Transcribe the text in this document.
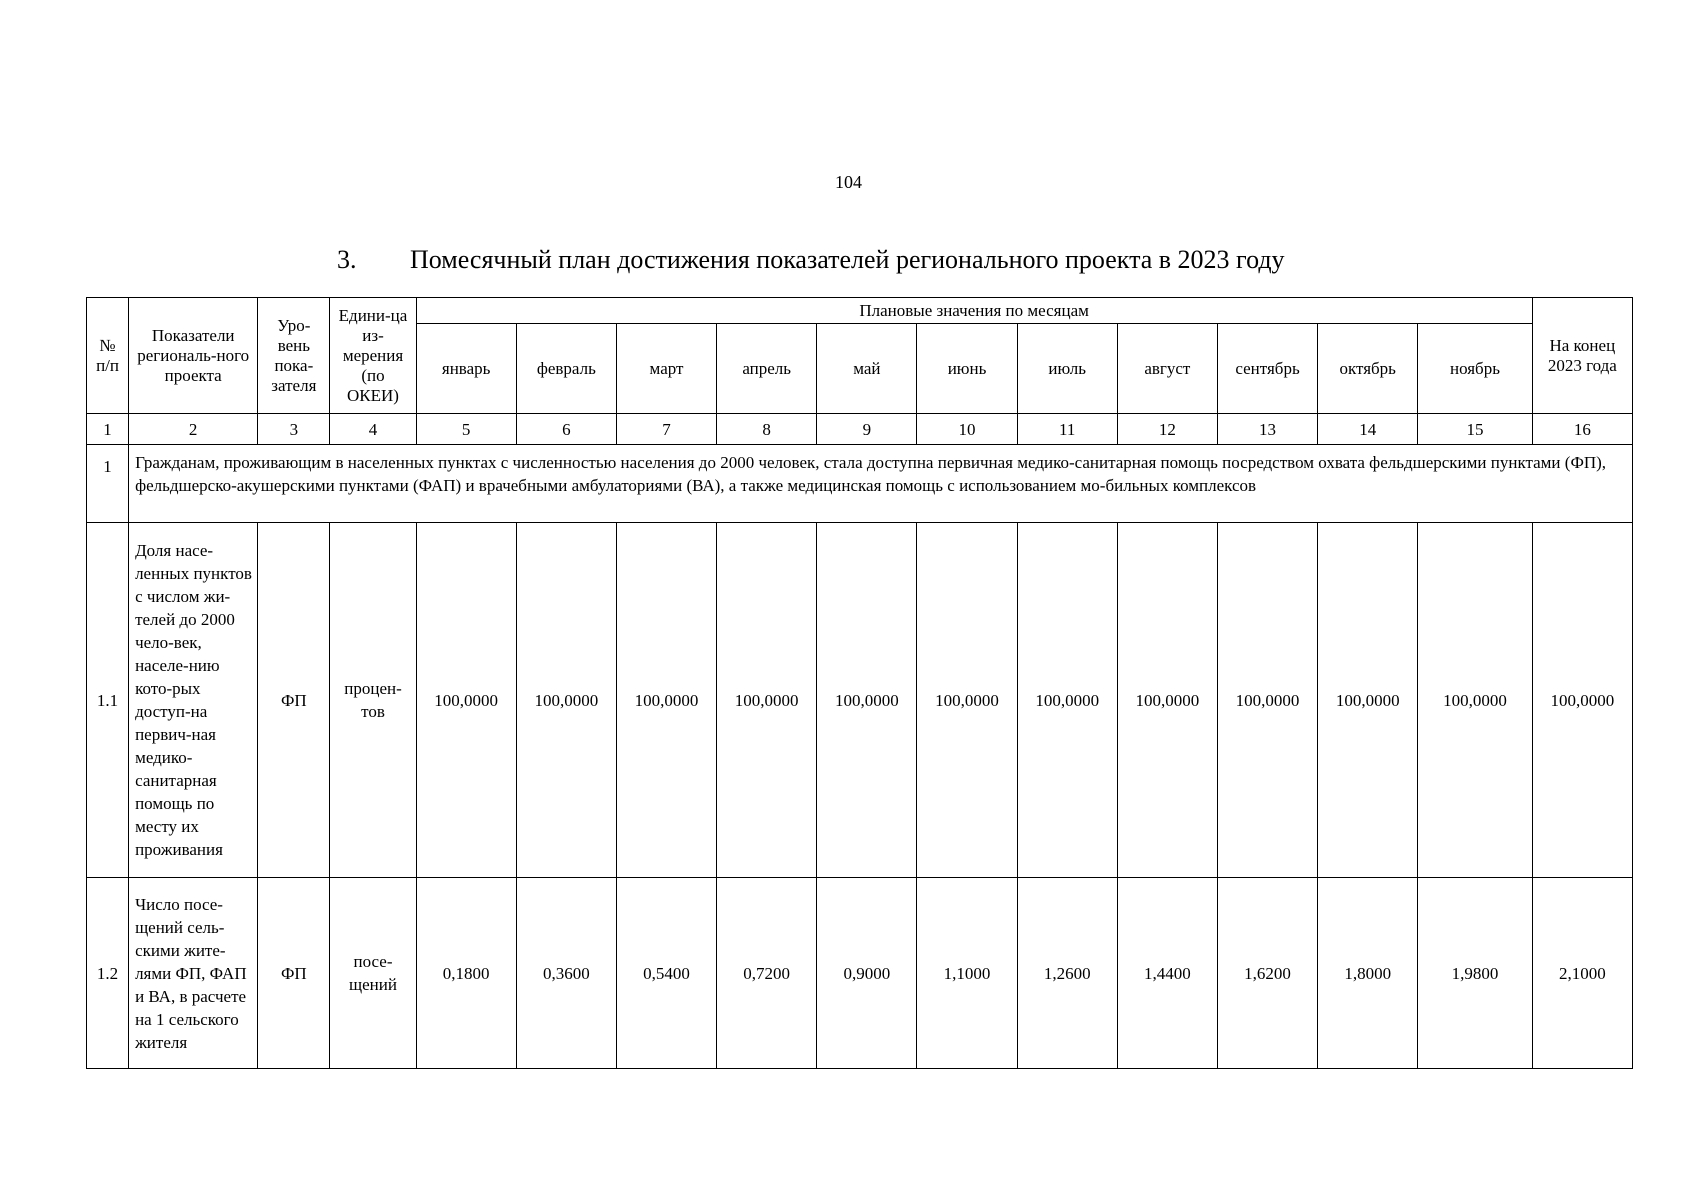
104
3. Помесячный план достижения показателей регионального проекта в 2023 году
№ п/п	Показатели региональ-ного проекта	Уро-вень пока-зателя	Едини-ца из-мерения (по ОКЕИ)	Плановые значения по месяцам											На конец 2023 года
				январь	февраль	март	апрель	май	июнь	июль	август	сентябрь	октябрь	ноябрь	
1	2	3	4	5	6	7	8	9	10	11	12	13	14	15	16
1	Гражданам, проживающим в населенных пунктах с численностью населения до 2000 человек, стала доступна первичная медико-санитарная помощь посредством охвата фельдшерскими пунктами (ФП), фельдшерско-акушерскими пунктами (ФАП) и врачебными амбулаториями (ВА), а также медицинская помощь с использованием мо-бильных комплексов														
1.1	Доля насе-ленных пунктов с числом жи-телей до 2000 чело-век, населе-нию кото-рых доступ-на первич-ная медико-санитарная помощь по месту их проживания	ФП	процен-тов	100,0000	100,0000	100,0000	100,0000	100,0000	100,0000	100,0000	100,0000	100,0000	100,0000	100,0000	100,0000
1.2	Число посе-щений сель-скими жите-лями ФП, ФАП и ВА, в расчете на 1 сельского жителя	ФП	посе-щений	0,1800	0,3600	0,5400	0,7200	0,9000	1,1000	1,2600	1,4400	1,6200	1,8000	1,9800	2,1000
